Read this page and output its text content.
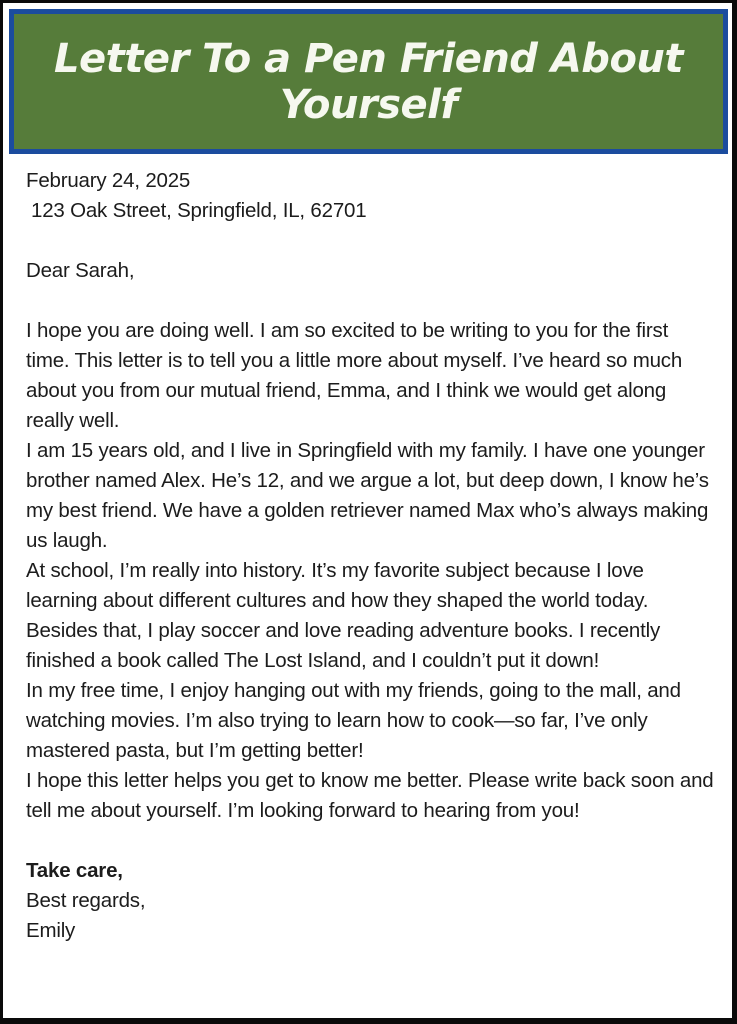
Letter To a Pen Friend About Yourself

February 24, 2025

123 Oak Street, Springfield, IL, 62701

Dear Sarah,

I hope you are doing well. I am so excited to be writing to you for the first time. This letter is to tell you a little more about myself. I’ve heard so much about you from our mutual friend, Emma, and I think we would get along really well.

I am 15 years old, and I live in Springfield with my family. I have one younger brother named Alex. He’s 12, and we argue a lot, but deep down, I know he’s my best friend. We have a golden retriever named Max who’s always making us laugh.

At school, I’m really into history. It’s my favorite subject because I love learning about different cultures and how they shaped the world today. Besides that, I play soccer and love reading adventure books. I recently finished a book called The Lost Island, and I couldn’t put it down!

In my free time, I enjoy hanging out with my friends, going to the mall, and watching movies. I’m also trying to learn how to cook—so far, I’ve only mastered pasta, but I’m getting better!

I hope this letter helps you get to know me better. Please write back soon and tell me about yourself. I’m looking forward to hearing from you!

Take care,

Best regards,

Emily
